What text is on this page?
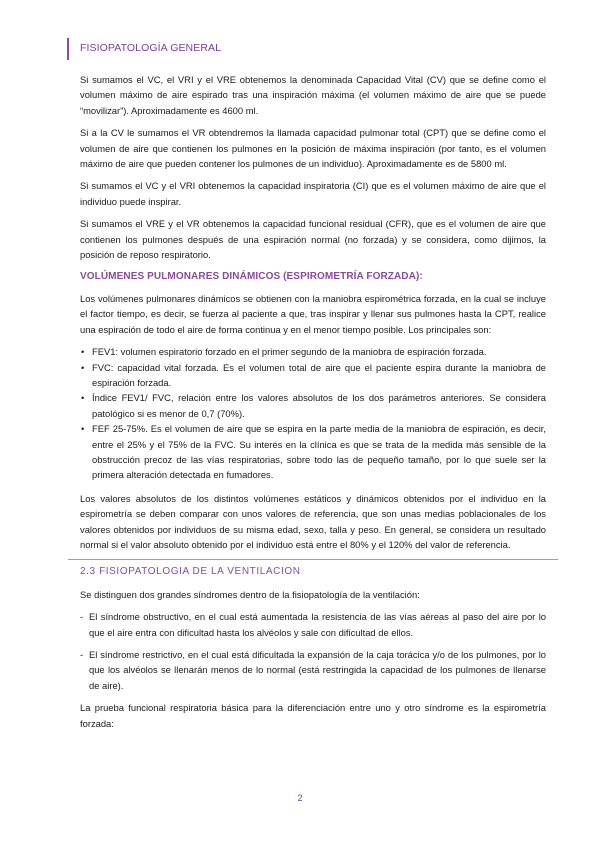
FISIOPATOLOGÍA GENERAL

Si sumamos el VC, el VRI y el VRE obtenemos la denominada Capacidad Vital (CV) que se define como el volumen máximo de aire espirado tras una inspiración máxima (el volumen máximo de aire que se puede “movilizar”). Aproximadamente es 4600 ml.

Si a la CV le sumamos el VR obtendremos la llamada capacidad pulmonar total (CPT) que se define como el volumen de aire que contienen los pulmones en la posición de máxima inspiración (por tanto, es el volumen máximo de aire que pueden contener los pulmones de un individuo). Aproximadamente es de 5800 ml.

Si sumamos el VC y el VRI obtenemos la capacidad inspiratoria (CI) que es el volumen máximo de aire que el individuo puede inspirar.

Si sumamos el VRE y el VR obtenemos la capacidad funcional residual (CFR), que es el volumen de aire que contienen los pulmones después de una espiración normal (no forzada) y se considera, como dijimos, la posición de reposo respiratorio.

VOLÚMENES PULMONARES DINÁMICOS (ESPIROMETRÍA FORZADA):

Los volúmenes pulmonares dinámicos se obtienen con la maniobra espirométrica forzada, en la cual se incluye el factor tiempo, es decir, se fuerza al paciente a que, tras inspirar y llenar sus pulmones hasta la CPT, realice una espiración de todo el aire de forma continua y en el menor tiempo posible. Los principales son:

• FEV1: volumen espiratorio forzado en el primer segundo de la maniobra de espiración forzada.
• FVC: capacidad vital forzada. Es el volumen total de aire que el paciente espira durante la maniobra de espiración forzada.
• Índice FEV1/ FVC, relación entre los valores absolutos de los dos parámetros anteriores. Se considera patológico si es menor de 0,7 (70%).
• FEF 25-75%. Es el volumen de aire que se espira en la parte media de la maniobra de espiración, es decir, entre el 25% y el 75% de la FVC. Su interés en la clínica es que se trata de la medida más sensible de la obstrucción precoz de las vías respiratorias, sobre todo las de pequeño tamaño, por lo que suele ser la primera alteración detectada en fumadores.

Los valores absolutos de los distintos volúmenes estáticos y dinámicos obtenidos por el individuo en la espirometría se deben comparar con unos valores de referencia, que son unas medias poblacionales de los valores obtenidos por individuos de su misma edad, sexo, talla y peso. En general, se considera un resultado normal si el valor absoluto obtenido por el individuo está entre el 80% y el 120% del valor de referencia.

2.3 FISIOPATOLOGIA DE LA VENTILACION

Se distinguen dos grandes síndromes dentro de la fisiopatología de la ventilación:

- El síndrome obstructivo, en el cual está aumentada la resistencia de las vías aéreas al paso del aire por lo que el aire entra con dificultad hasta los alvéolos y sale con dificultad de ellos.
- El síndrome restrictivo, en el cual está dificultada la expansión de la caja torácica y/o de los pulmones, por lo que los alvéolos se llenarán menos de lo normal (está restringida la capacidad de los pulmones de llenarse de aire).

La prueba funcional respiratoria básica para la diferenciación entre uno y otro síndrome es la espirometría forzada:

2
